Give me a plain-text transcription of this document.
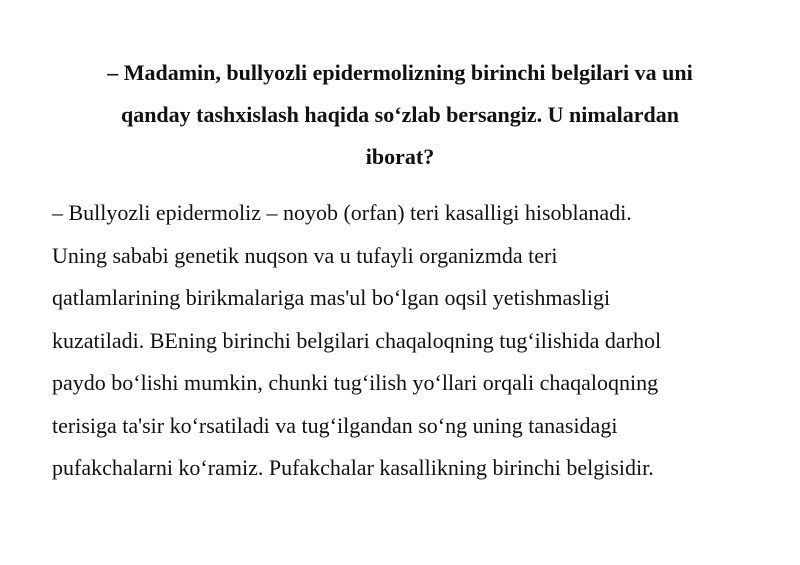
– Madamin, bullyozli epidermolizning birinchi belgilari va uni
qanday tashxislash haqida so‘zlab bersangiz. U nimalardan
iborat?

– Bullyozli epidermoliz – noyob (orfan) teri kasalligi hisoblanadi.
Uning sababi genetik nuqson va u tufayli organizmda teri
qatlamlarining birikmalariga mas'ul bo‘lgan oqsil yetishmasligi
kuzatiladi. BEning birinchi belgilari chaqaloqning tug‘ilishida darhol
paydo bo‘lishi mumkin, chunki tug‘ilish yo‘llari orqali chaqaloqning
terisiga ta'sir ko‘rsatiladi va tug‘ilgandan so‘ng uning tanasidagi
pufakchalarni ko‘ramiz. Pufakchalar kasallikning birinchi belgisidir.
